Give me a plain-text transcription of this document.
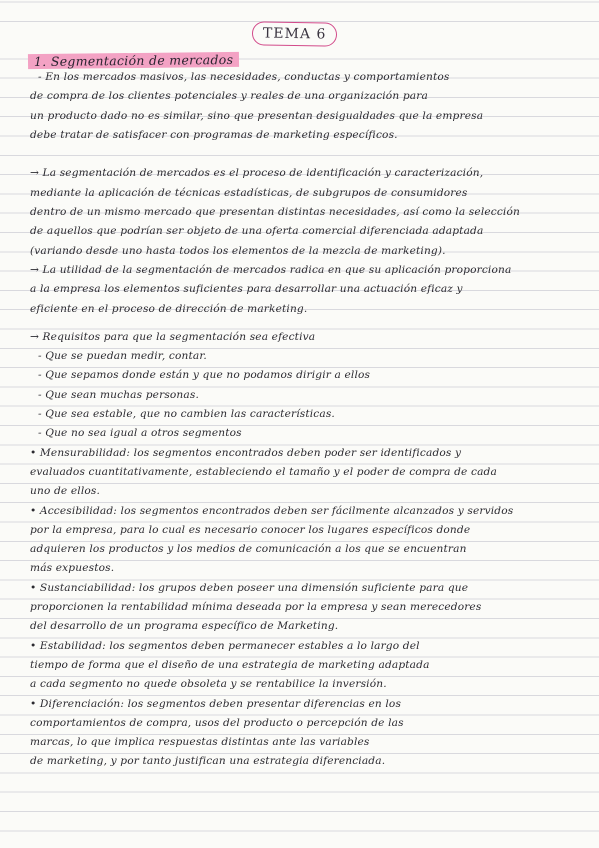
TEMA 6
1. Segmentación de mercados

- En los mercados masivos, las necesidades, conductas y comportamientos

de compra de los clientes potenciales y reales de una organización para

un producto dado no es similar, sino que presentan desigualdades que la empresa

debe tratar de satisfacer con programas de marketing específicos.

→ La segmentación de mercados es el proceso de identificación y caracterización,

mediante la aplicación de técnicas estadísticas, de subgrupos de consumidores

dentro de un mismo mercado que presentan distintas necesidades, así como la selección

de aquellos que podrían ser objeto de una oferta comercial diferenciada adaptada

(variando desde uno hasta todos los elementos de la mezcla de marketing).

→ La utilidad de la segmentación de mercados radica en que su aplicación proporciona

a la empresa los elementos suficientes para desarrollar una actuación eficaz y

eficiente en el proceso de dirección de marketing.

→ Requisitos para que la segmentación sea efectiva

- Que se puedan medir, contar.

- Que sepamos donde están y que no podamos dirigir a ellos

- Que sean muchas personas.

- Que sea estable, que no cambien las características.

- Que no sea igual a otros segmentos

• Mensurabilidad: los segmentos encontrados deben poder ser identificados y

evaluados cuantitativamente, estableciendo el tamaño y el poder de compra de cada

uno de ellos.

• Accesibilidad: los segmentos encontrados deben ser fácilmente alcanzados y servidos

por la empresa, para lo cual es necesario conocer los lugares específicos donde

adquieren los productos y los medios de comunicación a los que se encuentran

más expuestos.

• Sustanciabilidad: los grupos deben poseer una dimensión suficiente para que

proporcionen la rentabilidad mínima deseada por la empresa y sean merecedores

del desarrollo de un programa específico de Marketing.

• Estabilidad: los segmentos deben permanecer estables a lo largo del

tiempo de forma que el diseño de una estrategia de marketing adaptada

a cada segmento no quede obsoleta y se rentabilice la inversión.

• Diferenciación: los segmentos deben presentar diferencias en los

comportamientos de compra, usos del producto o percepción de las

marcas, lo que implica respuestas distintas ante las variables

de marketing, y por tanto justifican una estrategia diferenciada.
